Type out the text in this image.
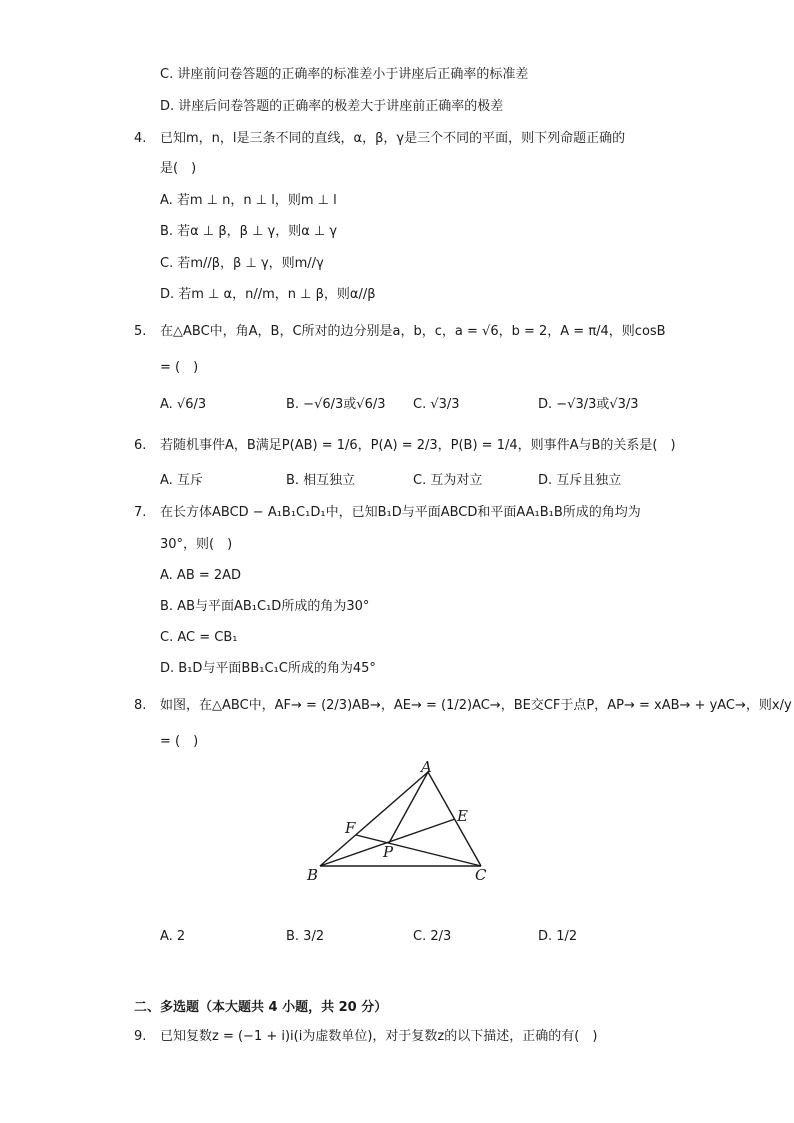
C. 讲座前问卷答题的正确率的标准差小于讲座后正确率的标准差
D. 讲座后问卷答题的正确率的极差大于讲座前正确率的极差
4. 已知m，n，l是三条不同的直线，α，β，γ是三个不同的平面，则下列命题正确的
是(　)
A. 若m ⊥ n，n ⊥ l，则m ⊥ l
B. 若α ⊥ β，β ⊥ γ，则α ⊥ γ
C. 若m//β，β ⊥ γ，则m//γ
D. 若m ⊥ α，n//m，n ⊥ β，则α//β
5. 在△ABC中，角A，B，C所对的边分别是a，b，c，a = √6，b = 2，A = π/4，则cosB
= (　)
A. √6/3	B. −√6/3或√6/3 C. √3/3	D. −√3/3或√3/3
6. 若随机事件A，B满足P(AB) = 1/6，P(A) = 2/3，P(B) = 1/4，则事件A与B的关系是(　)
A. 互斥	B. 相互独立	C. 互为对立	D. 互斥且独立
7. 在长方体ABCD − A₁B₁C₁D₁中，已知B₁D与平面ABCD和平面AA₁B₁B所成的角均为
30°，则(　)
A. AB = 2AD
B. AB与平面AB₁C₁D所成的角为30°
C. AC = CB₁
D. B₁D与平面BB₁C₁C所成的角为45°
8. 如图，在△ABC中，AF→ = (2/3)AB→，AE→ = (1/2)AC→，BE交CF于点P，AP→ = xAB→ + yAC→，则x/y
= (　)
A
B	C
E
F
P
A. 2	B. 3/2	C. 2/3	D. 1/2
二、多选题（本大题共 4 小题，共 20 分）
9. 已知复数z = (−1 + i)i(i为虚数单位)，对于复数z的以下描述，正确的有(　)
